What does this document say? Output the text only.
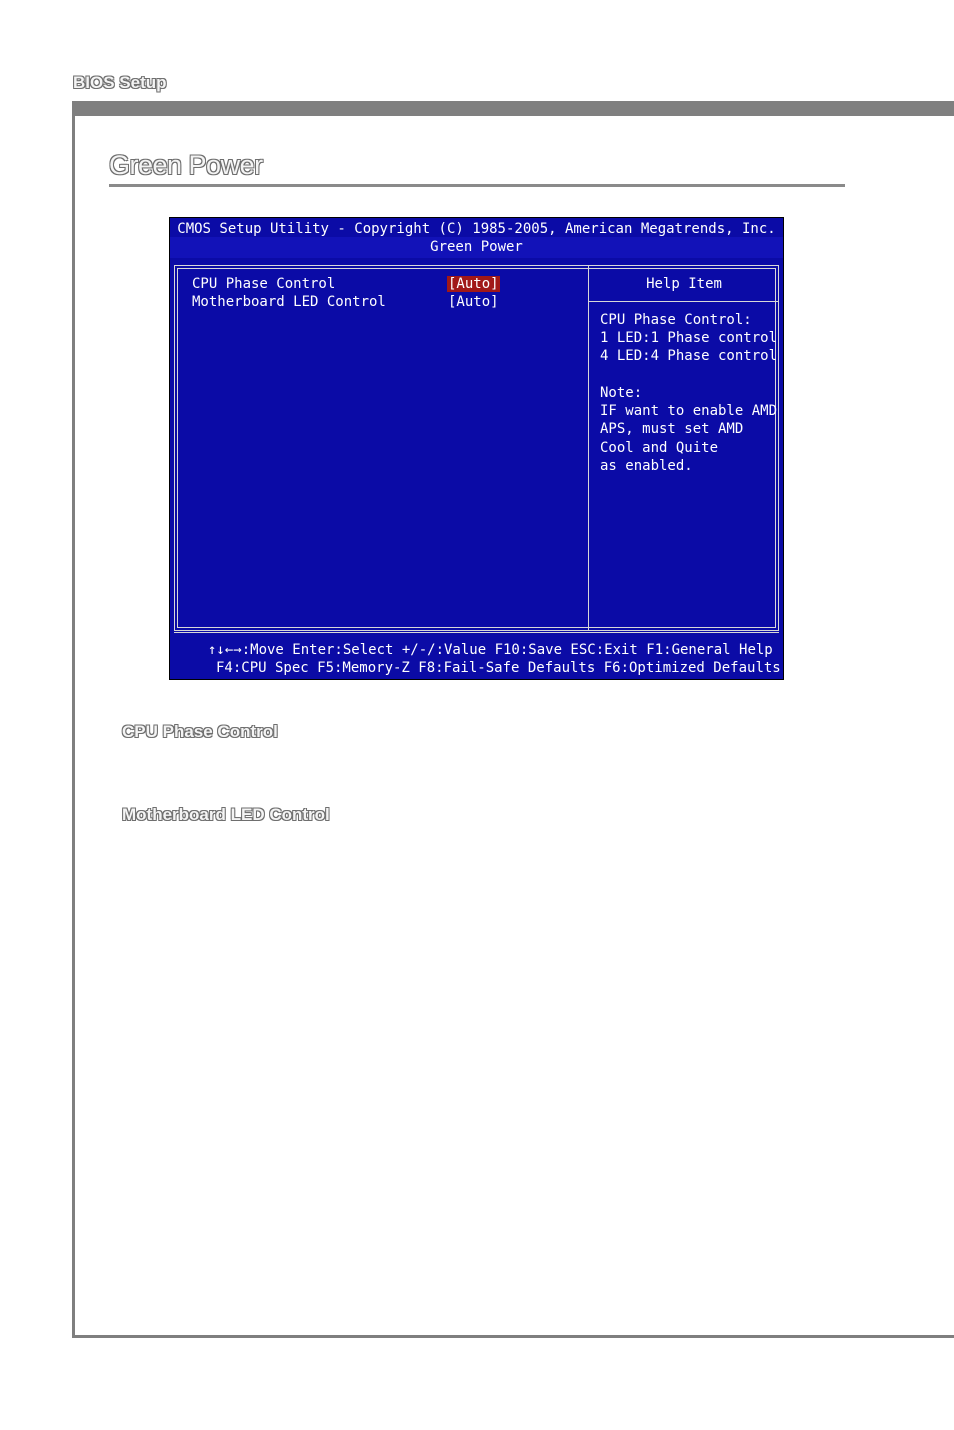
BIOS Setup
Green Power
CMOS Setup Utility - Copyright (C) 1985-2005, American Megatrends, Inc.
Green Power
CPU Phase Control	[Auto]
Motherboard LED Control	[Auto]
Help Item
CPU Phase Control:
1 LED:1 Phase control
4 LED:4 Phase control
Note:
IF want to enable AMD
APS, must set AMD
Cool and Quite
as enabled.
↑↓←→:Move Enter:Select +/-/:Value F10:Save ESC:Exit F1:General Help
F4:CPU Spec F5:Memory-Z F8:Fail-Safe Defaults F6:Optimized Defaults
CPU Phase Control
Motherboard LED Control
